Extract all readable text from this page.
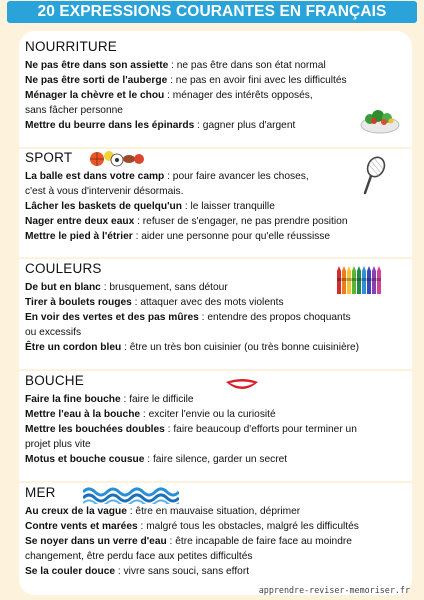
20 EXPRESSIONS COURANTES EN FRANÇAIS
NOURRITURE
Ne pas être dans son assiette : ne pas être dans son état normal
Ne pas être sorti de l'auberge : ne pas en avoir fini avec les difficultés
Ménager la chèvre et le chou : ménager des intérêts opposés,
sans fâcher personne
Mettre du beurre dans les épinards : gagner plus d'argent
SPORT
La balle est dans votre camp : pour faire avancer les choses,
c'est à vous d'intervenir désormais.
Lâcher les baskets de quelqu'un : le laisser tranquille
Nager entre deux eaux : refuser de s'engager, ne pas prendre position
Mettre le pied à l'étrier : aider une personne pour qu'elle réussisse
COULEURS
De but en blanc : brusquement, sans détour
Tirer à boulets rouges : attaquer avec des mots violents
En voir des vertes et des pas mûres : entendre des propos choquants
ou excessifs
Être un cordon bleu : être un très bon cuisinier (ou très bonne cuisinière)
BOUCHE
Faire la fine bouche : faire le difficile
Mettre l'eau à la bouche : exciter l'envie ou la curiosité
Mettre les bouchées doubles : faire beaucoup d'efforts pour terminer un
projet plus vite
Motus et bouche cousue : faire silence, garder un secret
MER
Au creux de la vague : être en mauvaise situation, déprimer
Contre vents et marées : malgré tous les obstacles, malgré les difficultés
Se noyer dans un verre d'eau : être incapable de faire face au moindre
changement, être perdu face aux petites difficultés
Se la couler douce : vivre sans souci, sans effort
apprendre-reviser-memoriser.fr
